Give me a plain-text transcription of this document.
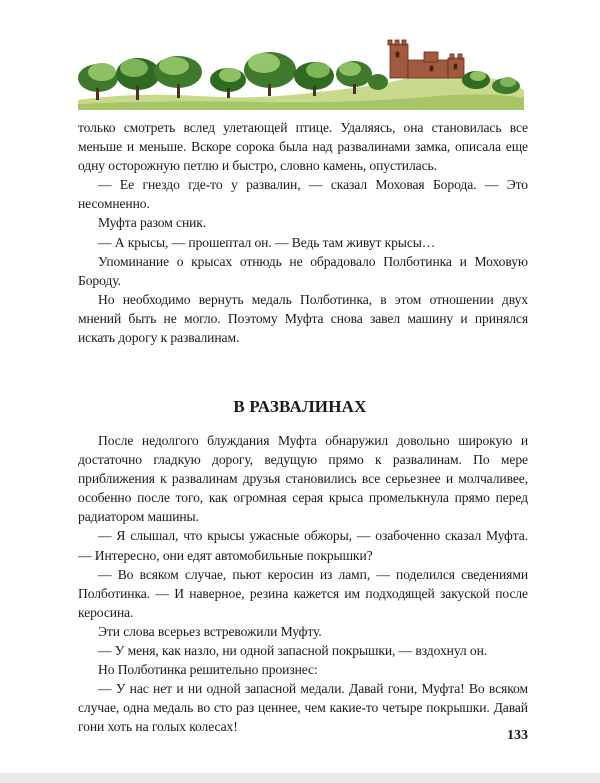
только смотреть вслед улетающей птице. Удаляясь, она становилась все меньше и меньше. Вскоре сорока была над развалинами замка, описала еще одну осторожную петлю и быстро, словно камень, опустилась.

— Ее гнездо где-то у развалин, — сказал Моховая Борода. — Это несомненно.

Муфта разом сник.

— А крысы, — прошептал он. — Ведь там живут крысы…

Упоминание о крысах отнюдь не обрадовало Полботинка и Моховую Бороду.

Но необходимо вернуть медаль Полботинка, в этом отношении двух мнений быть не могло. Поэтому Муфта снова завел машину и принялся искать дорогу к развалинам.

В РАЗВАЛИНАХ

После недолгого блуждания Муфта обнаружил довольно широкую и достаточно гладкую дорогу, ведущую прямо к развалинам. По мере приближения к развалинам друзья становились все серьезнее и молчаливее, особенно после того, как огромная серая крыса промелькнула прямо перед радиатором машины.

— Я слышал, что крысы ужасные обжоры, — озабоченно сказал Муфта. — Интересно, они едят автомобильные покрышки?

— Во всяком случае, пьют керосин из ламп, — поделился сведениями Полботинка. — И наверное, резина кажется им подходящей закуской после керосина.

Эти слова всерьез встревожили Муфту.

— У меня, как назло, ни одной запасной покрышки, — вздохнул он.

Но Полботинка решительно произнес:

— У нас нет и ни одной запасной медали. Давай гони, Муфта! Во всяком случае, одна медаль во сто раз ценнее, чем какие-то четыре покрышки. Давай гони хоть на голых колесах!

133
